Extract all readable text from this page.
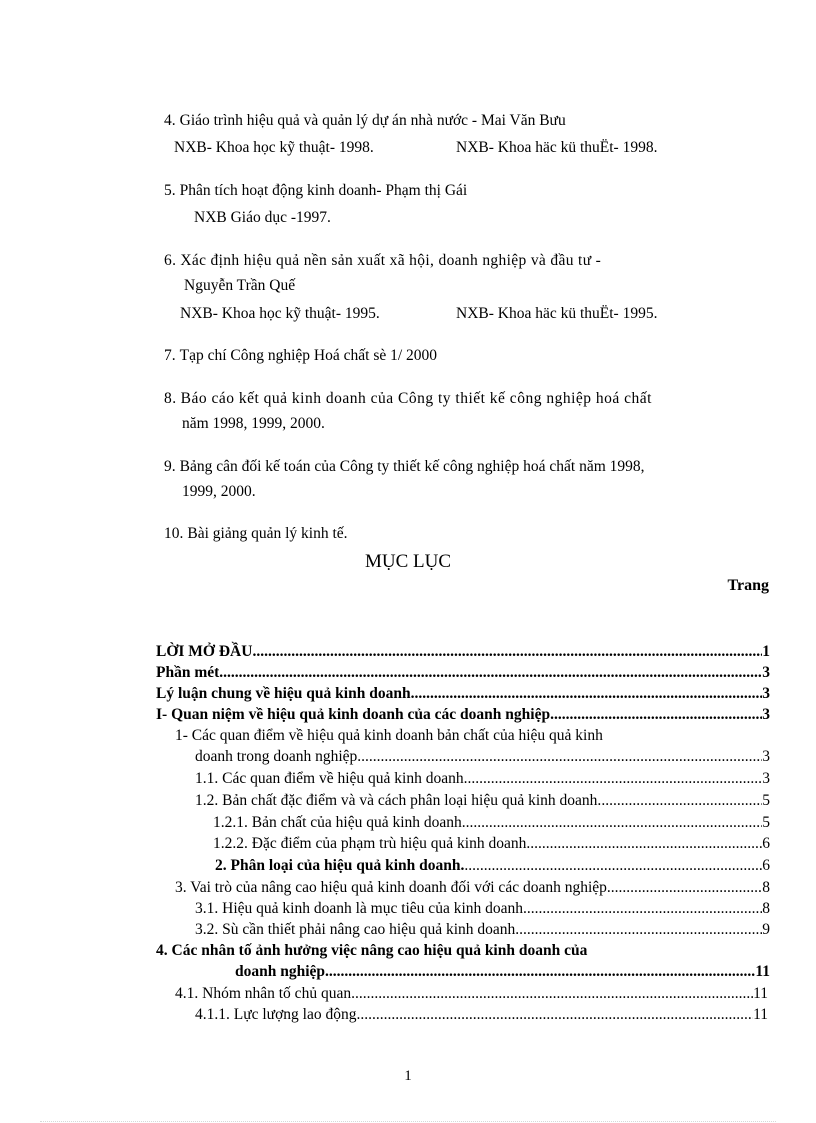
4. Giáo trình hiệu quả và quản lý dự án nhà nước - Mai Văn Bưu
NXB- Khoa học kỹ thuật- 1998.	NXB- Khoa häc kü thuËt- 1998.
5. Phân tích hoạt động kinh doanh- Phạm thị Gái
NXB Giáo dục -1997.
6. Xác định hiệu quả nền sản xuất xã hội, doanh nghiệp và đầu tư -
Nguyễn Trần Quế
NXB- Khoa học kỹ thuật- 1995.	NXB- Khoa häc kü thuËt- 1995.
7. Tạp chí Công nghiệp Hoá chất sè 1/ 2000
8. Báo cáo kết quả kinh doanh của Công ty thiết kế công nghiệp hoá chất
năm 1998, 1999, 2000.
9. Bảng cân đối kế toán của Công ty thiết kế công nghiệp hoá chất năm 1998,
1999, 2000.
10. Bài giảng quản lý kinh tế.
MỤC LỤC
Trang
LỜI MỞ ĐẦU .....	1
Phần mét .....	3
Lý luận chung về hiệu quả kinh doanh .....	3
I- Quan niệm về hiệu quả kinh doanh của các doanh nghiệp. .....	3
1- Các quan điểm về hiệu quả kinh doanh bản chất của hiệu quả kinh
doanh trong doanh nghiệp. .....	3
1.1. Các quan điểm về hiệu quả kinh doanh .....	3
1.2. Bản chất đặc điểm và và cách phân loại hiệu quả kinh doanh. .....	5
1.2.1. Bản chất của hiệu quả kinh doanh. .....	5
1.2.2. Đặc điểm của phạm trù hiệu quả kinh doanh. .....	6
2. Phân loại của hiệu quả kinh doanh. .....	6
3. Vai trò của nâng cao hiệu quả kinh doanh đối với các doanh nghiệp. .....	8
3.1. Hiệu quả kinh doanh là mục tiêu của kinh doanh. .....	8
3.2. Sù cần thiết phải nâng cao hiệu quả kinh doanh. .....	9
4. Các nhân tố ảnh hưởng việc nâng cao hiệu quả kinh doanh của
doanh nghiệp .....	11
4.1. Nhóm nhân tố chủ quan .....	11
4.1.1. Lực lượng lao động. .....	11
1
